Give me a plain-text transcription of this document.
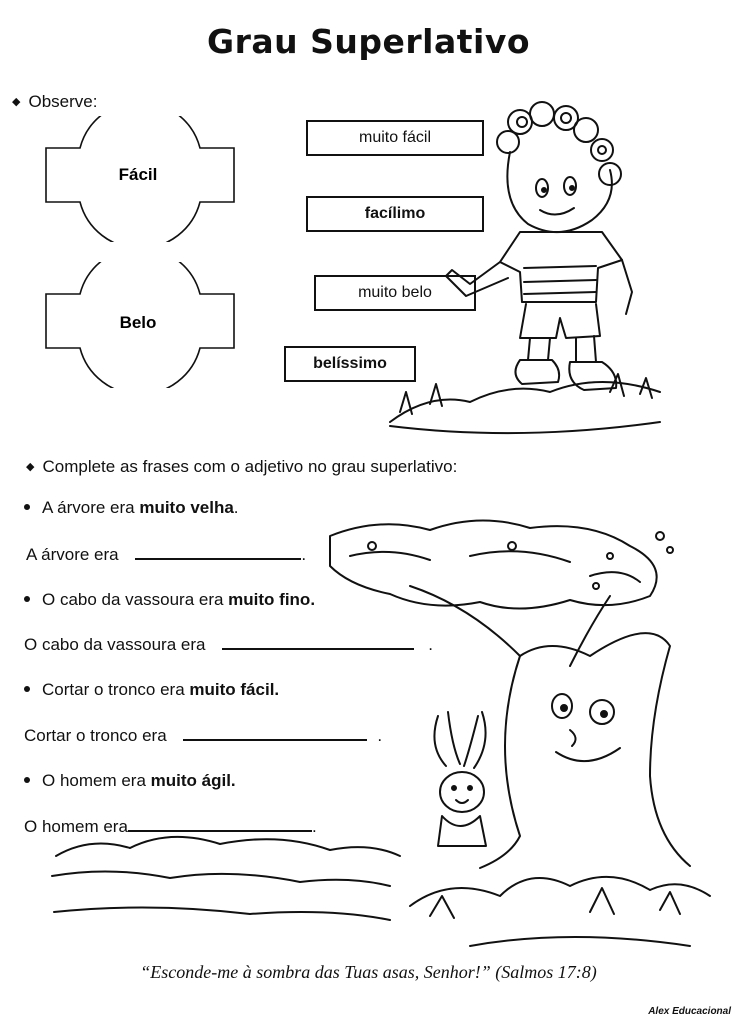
Grau Superlativo
◆ Observe:
Fácil
Belo
muito fácil
facílimo
muito belo
belíssimo
◆ Complete as frases com o adjetivo no grau superlativo:
A árvore era muito velha.
A árvore era	.
O cabo da vassoura era muito fino.
O cabo da vassoura era	.
Cortar o tronco era muito fácil.
Cortar o tronco era	.
O homem era muito ágil.
O homem era	.
“Esconde-me à sombra das Tuas asas, Senhor!” (Salmos 17:8)
Alex Educacional
